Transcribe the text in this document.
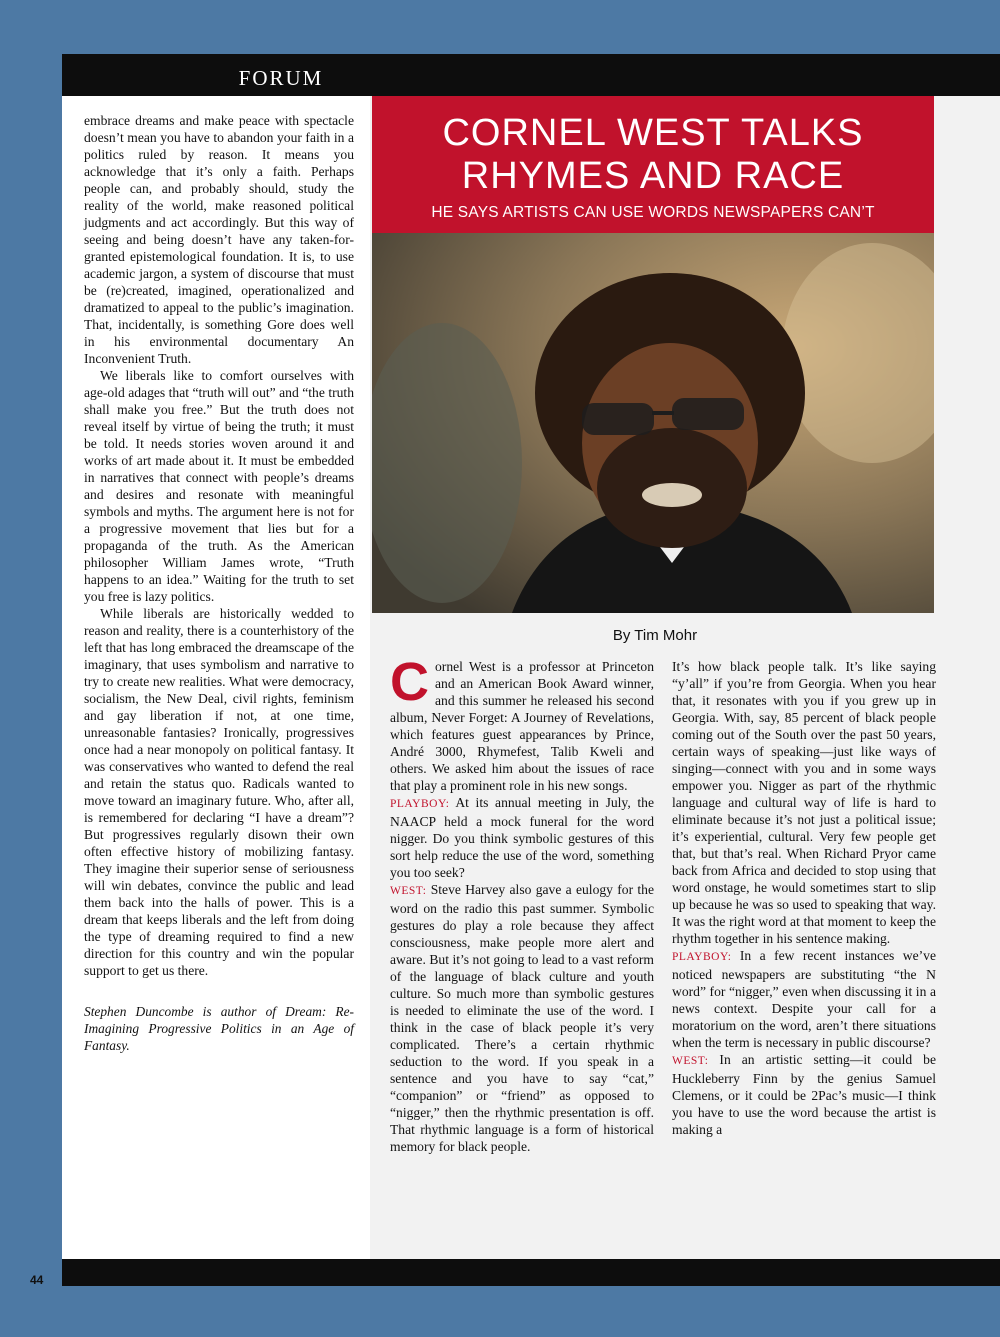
FORUM

embrace dreams and make peace with spectacle doesn’t mean you have to abandon your faith in a politics ruled by reason. It means you acknowledge that it’s only a faith. Perhaps people can, and probably should, study the reality of the world, make reasoned political judgments and act accordingly. But this way of seeing and being doesn’t have any taken-for-granted epistemological foundation. It is, to use academic jargon, a system of discourse that must be (re)created, imagined, operationalized and dramatized to appeal to the public’s imagination. That, incidentally, is something Gore does well in his environmental documentary An Inconvenient Truth.

We liberals like to comfort ourselves with age-old adages that “truth will out” and “the truth shall make you free.” But the truth does not reveal itself by virtue of being the truth; it must be told. It needs stories woven around it and works of art made about it. It must be embedded in narratives that connect with people’s dreams and desires and resonate with meaningful symbols and myths. The argument here is not for a progressive movement that lies but for a propaganda of the truth. As the American philosopher William James wrote, “Truth happens to an idea.” Waiting for the truth to set you free is lazy politics.

While liberals are historically wedded to reason and reality, there is a counterhistory of the left that has long embraced the dreamscape of the imaginary, that uses symbolism and narrative to try to create new realities. What were democracy, socialism, the New Deal, civil rights, feminism and gay liberation if not, at one time, unreasonable fantasies? Ironically, progressives once had a near monopoly on political fantasy. It was conservatives who wanted to defend the real and retain the status quo. Radicals wanted to move toward an imaginary future. Who, after all, is remembered for declaring “I have a dream”? But progressives regularly disown their own often effective history of mobilizing fantasy. They imagine their superior sense of seriousness will win debates, convince the public and lead them back into the halls of power. This is a dream that keeps liberals and the left from doing the type of dreaming required to find a new direction for this country and win the popular support to get us there.

Stephen Duncombe is author of Dream: Re-Imagining Progressive Politics in an Age of Fantasy.

CORNEL WEST TALKS
RHYMES AND RACE
HE SAYS ARTISTS CAN USE WORDS NEWSPAPERS CAN’T
By Tim Mohr

Cornel West is a professor at Princeton and an American Book Award winner, and this summer he released his second album, Never Forget: A Journey of Revelations, which features guest appearances by Prince, André 3000, Rhymefest, Talib Kweli and others. We asked him about the issues of race that play a prominent role in his new songs.

PLAYBOY: At its annual meeting in July, the NAACP held a mock funeral for the word nigger. Do you think symbolic gestures of this sort help reduce the use of the word, something you too seek?

WEST: Steve Harvey also gave a eulogy for the word on the radio this past summer. Symbolic gestures do play a role because they affect consciousness, make people more alert and aware. But it’s not going to lead to a vast reform of the language of black culture and youth culture. So much more than symbolic gestures is needed to eliminate the use of the word. I think in the case of black people it’s very complicated. There’s a certain rhythmic seduction to the word. If you speak in a sentence and you have to say “cat,” “companion” or “friend” as opposed to “nigger,” then the rhythmic presentation is off. That rhythmic language is a form of historical memory for black people.

It’s how black people talk. It’s like saying “y’all” if you’re from Georgia. When you hear that, it resonates with you if you grew up in Georgia. With, say, 85 percent of black people coming out of the South over the past 50 years, certain ways of speaking—just like ways of singing—connect with you and in some ways empower you. Nigger as part of the rhythmic language and cultural way of life is hard to eliminate because it’s not just a political issue; it’s experiential, cultural. Very few people get that, but that’s real. When Richard Pryor came back from Africa and decided to stop using that word onstage, he would sometimes start to slip up because he was so used to speaking that way. It was the right word at that moment to keep the rhythm together in his sentence making.

PLAYBOY: In a few recent instances we’ve noticed newspapers are substituting “the N word” for “nigger,” even when discussing it in a news context. Despite your call for a moratorium on the word, aren’t there situations when the term is necessary in public discourse?

WEST: In an artistic setting—it could be Huckleberry Finn by the genius Samuel Clemens, or it could be 2Pac’s music—I think you have to use the word because the artist is making a

44
